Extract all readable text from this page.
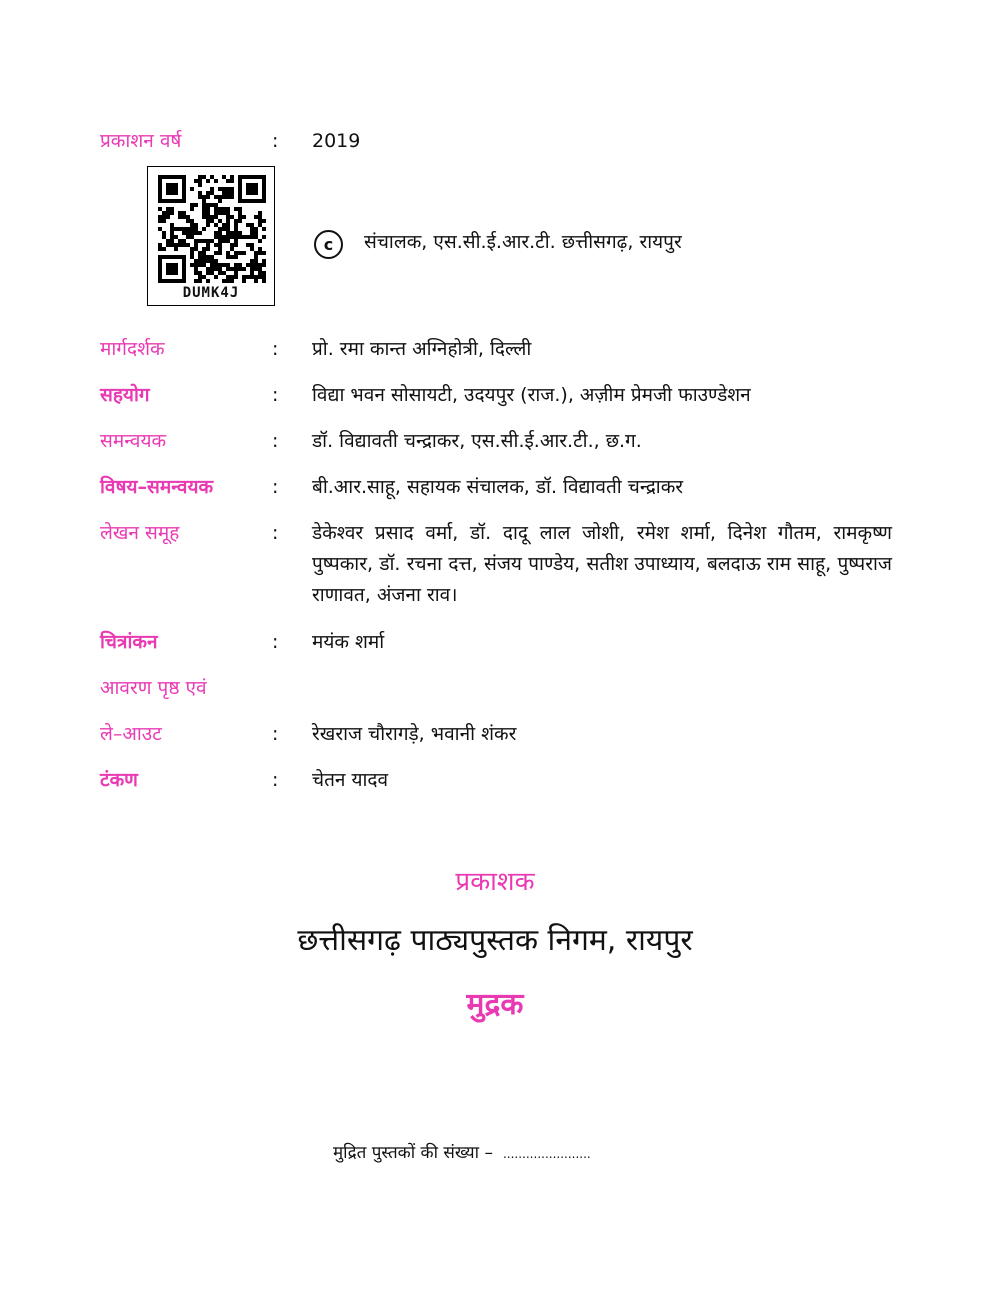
प्रकाशन वर्ष	: 2019
DUMK4J
c	संचालक, एस.सी.ई.आर.टी. छत्तीसगढ़, रायपुर
मार्गदर्शक	: प्रो. रमा कान्त अग्निहोत्री, दिल्ली
सहयोग	: विद्या भवन सोसायटी, उदयपुर (राज.), अज़ीम प्रेमजी फाउण्डेशन
समन्वयक	: डॉ. विद्यावती चन्द्राकर, एस.सी.ई.आर.टी., छ.ग.
विषय–समन्वयक	: बी.आर.साहू, सहायक संचालक, डॉ. विद्यावती चन्द्राकर
लेखन समूह	: डेकेश्वर प्रसाद वर्मा, डॉ. दादू लाल जोशी, रमेश शर्मा, दिनेश गौतम, रामकृष्ण पुष्पकार, डॉ. रचना दत्त, संजय पाण्डेय, सतीश उपाध्याय, बलदाऊ राम साहू, पुष्पराज राणावत, अंजना राव।

चित्रांकन	: मयंक शर्मा
आवरण पृष्ठ एवं
ले–आउट	: रेखराज चौरागड़े, भवानी शंकर
टंकण	: चेतन यादव
प्रकाशक
छत्तीसगढ़ पाठ्यपुस्तक निगम, रायपुर
मुद्रक
मुद्रित पुस्तकों की संख्या – .......................
